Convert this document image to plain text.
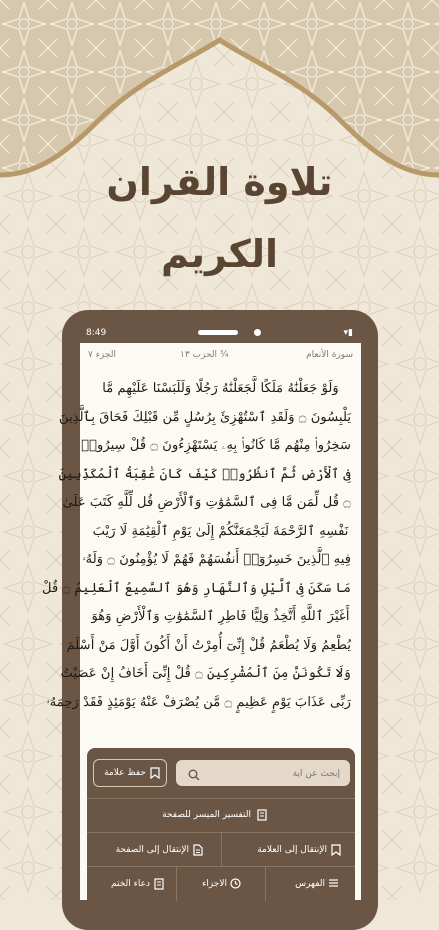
تلاوة القران
الكريم
8:49	▾▮
سورة الأنعام
¾ الحزب ١٣
الجزء ٧
وَلَوْ جَعَلْنَٰهُ مَلَكًا لَّجَعَلْنَٰهُ رَجُلًا وَلَلَبَسْنَا عَلَيْهِم مَّا
يَلْبِسُونَ ۝ وَلَقَدِ ٱسْتُهْزِئَ بِرُسُلٍ مِّن قَبْلِكَ فَحَاقَ بِٱلَّذِينَ
سَخِرُوا۟ مِنْهُم مَّا كَانُوا۟ بِهِۦ يَسْتَهْزِءُونَ ۝ قُلْ سِيرُوا۟
فِى ٱلْأَرْضِ ثُمَّ ٱنظُرُوا۟ كَيْفَ كَانَ عَٰقِبَةُ ٱلْمُكَذِّبِينَ
۝ قُل لِّمَن مَّا فِى ٱلسَّمَٰوَٰتِ وَٱلْأَرْضِ قُل لِّلَّهِ كَتَبَ عَلَىٰ
نَفْسِهِ ٱلرَّحْمَةَ لَيَجْمَعَنَّكُمْ إِلَىٰ يَوْمِ ٱلْقِيَٰمَةِ لَا رَيْبَ
فِيهِ ٱلَّذِينَ خَسِرُوٓا۟ أَنفُسَهُمْ فَهُمْ لَا يُؤْمِنُونَ ۝ وَلَهُۥ
مَا سَكَنَ فِى ٱلَّيْلِ وَٱلنَّهَارِ وَهُوَ ٱلسَّمِيعُ ٱلْعَلِيمُ ۝ قُلْ
أَغَيْرَ ٱللَّهِ أَتَّخِذُ وَلِيًّا فَاطِرِ ٱلسَّمَٰوَٰتِ وَٱلْأَرْضِ وَهُوَ
يُطْعِمُ وَلَا يُطْعَمُ قُلْ إِنِّىٓ أُمِرْتُ أَنْ أَكُونَ أَوَّلَ مَنْ أَسْلَمَ
وَلَا تَكُونَنَّ مِنَ ٱلْمُشْرِكِينَ ۝ قُلْ إِنِّىٓ أَخَافُ إِنْ عَصَيْتُ
رَبِّى عَذَابَ يَوْمٍ عَظِيمٍ ۝ مَّن يُصْرَفْ عَنْهُ يَوْمَئِذٍ فَقَدْ رَحِمَهُۥ
إبحث عن آية
حفظ علامة
التفسير الميسر للصفحة
الإنتقال إلى العلامة
الإنتقال إلى الصفحة
الفهرس
الاجزاء
دعاء الختم
